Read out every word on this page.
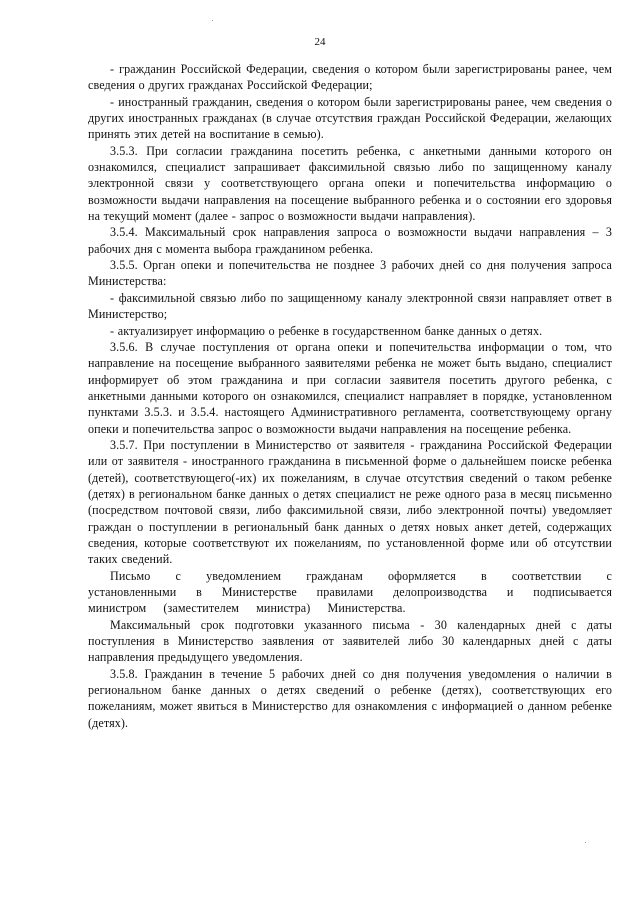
24

- гражданин Российской Федерации, сведения о котором были зарегистрированы ранее, чем сведения о других гражданах Российской Федерации;

- иностранный гражданин, сведения о котором были зарегистрированы ранее, чем сведения о других иностранных гражданах (в случае отсутствия граждан Российской Федерации, желающих принять этих детей на воспитание в семью).

3.5.3. При согласии гражданина посетить ребенка, с анкетными данными которого он ознакомился, специалист запрашивает факсимильной связью либо по защищенному каналу электронной связи у соответствующего органа опеки и попечительства информацию о возможности выдачи направления на посещение выбранного ребенка и о состоянии его здоровья на текущий момент (далее - запрос о возможности выдачи направления).

3.5.4. Максимальный срок направления запроса о возможности выдачи направления – 3 рабочих дня с момента выбора гражданином ребенка.

3.5.5. Орган опеки и попечительства не позднее 3 рабочих дней со дня получения запроса Министерства:

- факсимильной связью либо по защищенному каналу электронной связи направляет ответ в Министерство;

- актуализирует информацию о ребенке в государственном банке данных о детях.

3.5.6. В случае поступления от органа опеки и попечительства информации о том, что направление на посещение выбранного заявителями ребенка не может быть выдано, специалист информирует об этом гражданина и при согласии заявителя посетить другого ребенка, с анкетными данными которого он ознакомился, специалист направляет в порядке, установленном пунктами 3.5.3. и 3.5.4. настоящего Административного регламента, соответствующему органу опеки и попечительства запрос о возможности выдачи направления на посещение ребенка.

3.5.7. При поступлении в Министерство от заявителя - гражданина Российской Федерации или от заявителя - иностранного гражданина в письменной форме о дальнейшем поиске ребенка (детей), соответствующего(-их) их пожеланиям, в случае отсутствия сведений о таком ребенке (детях) в региональном банке данных о детях специалист не реже одного раза в месяц письменно (посредством почтовой связи, либо факсимильной связи, либо электронной почты) уведомляет граждан о поступлении в региональный банк данных о детях новых анкет детей, содержащих сведения, которые соответствуют их пожеланиям, по установленной форме или об отсутствии таких сведений.

Письмо с уведомлением гражданам оформляется в соответствии с установленными в Министерстве правилами делопроизводства и подписывается министром (заместителем министра) Министерства.

Максимальный срок подготовки указанного письма - 30 календарных дней с даты поступления в Министерство заявления от заявителей либо 30 календарных дней с даты направления предыдущего уведомления.

3.5.8. Гражданин в течение 5 рабочих дней со дня получения уведомления о наличии в региональном банке данных о детях сведений о ребенке (детях), соответствующих его пожеланиям, может явиться в Министерство для ознакомления с информацией о данном ребенке (детях).
